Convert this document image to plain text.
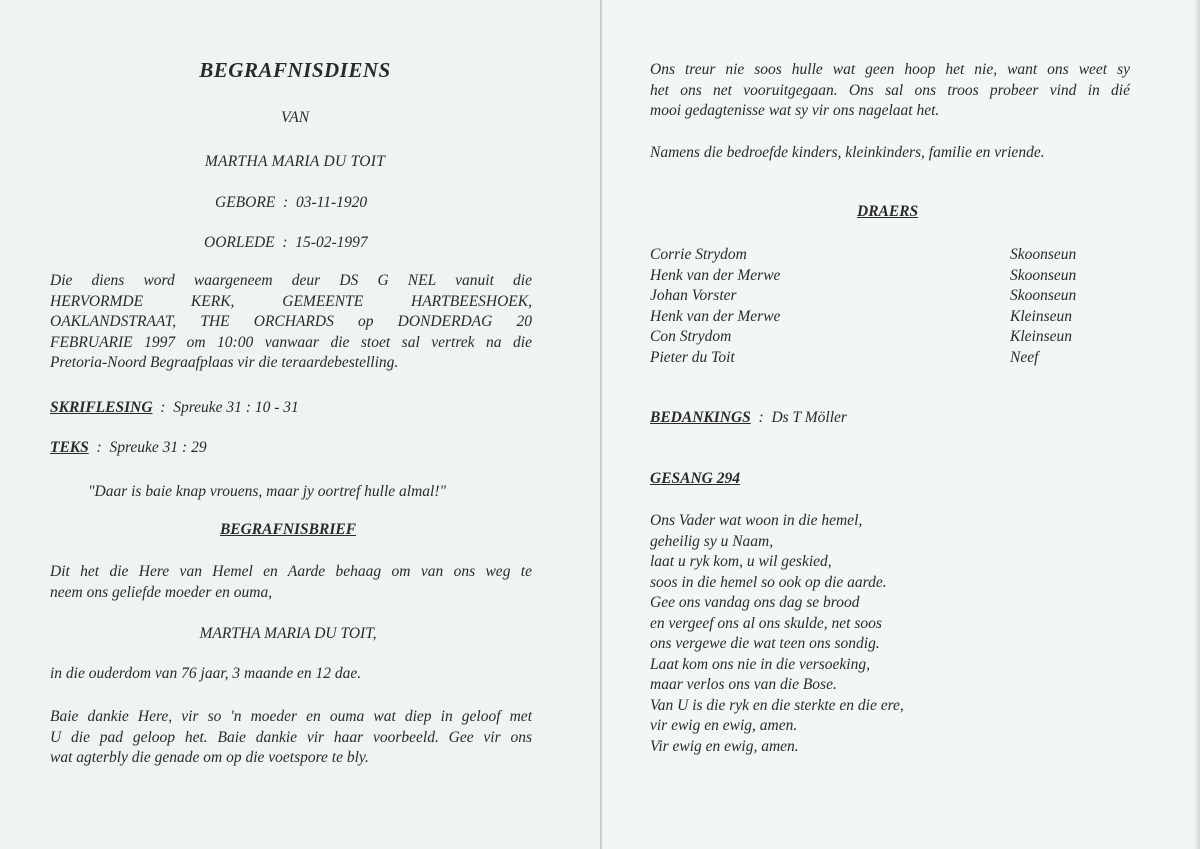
BEGRAFNISDIENS
VAN
MARTHA MARIA DU TOIT
GEBORE  :  03-11-1920
OORLEDE  :  15-02-1997
Die diens word waargeneem deur DS G NEL vanuit die
HERVORMDE KERK, GEMEENTE HARTBEESHOEK,
OAKLANDSTRAAT, THE ORCHARDS op DONDERDAG 20
FEBRUARIE 1997 om 10:00 vanwaar die stoet sal vertrek na die
Pretoria-Noord Begraafplaas vir die teraardebestelling.
SKRIFLESING  :  Spreuke 31 : 10 - 31
TEKS  :  Spreuke 31 : 29
"Daar is baie knap vrouens, maar jy oortref hulle almal!"
BEGRAFNISBRIEF
Dit het die Here van Hemel en Aarde behaag om van ons weg te
neem ons geliefde moeder en ouma,
MARTHA MARIA DU TOIT,
in die ouderdom van 76 jaar, 3 maande en 12 dae.
Baie dankie Here, vir so 'n moeder en ouma wat diep in geloof met
U die pad geloop het. Baie dankie vir haar voorbeeld. Gee vir ons
wat agterbly die genade om op die voetspore te bly.
Ons treur nie soos hulle wat geen hoop het nie, want ons weet sy
het ons net vooruitgegaan. Ons sal ons troos probeer vind in dié
mooi gedagtenisse wat sy vir ons nagelaat het.
Namens die bedroefde kinders, kleinkinders, familie en vriende.
DRAERS
Corrie Strydom	Skoonseun
Henk van der Merwe	Skoonseun
Johan Vorster	Skoonseun
Henk van der Merwe	Kleinseun
Con Strydom	Kleinseun
Pieter du Toit	Neef
BEDANKINGS  :  Ds T Möller
GESANG 294
Ons Vader wat woon in die hemel,
geheilig sy u Naam,
laat u ryk kom, u wil geskied,
soos in die hemel so ook op die aarde.
Gee ons vandag ons dag se brood
en vergeef ons al ons skulde, net soos
ons vergewe die wat teen ons sondig.
Laat kom ons nie in die versoeking,
maar verlos ons van die Bose.
Van U is die ryk en die sterkte en die ere,
vir ewig en ewig, amen.
Vir ewig en ewig, amen.
